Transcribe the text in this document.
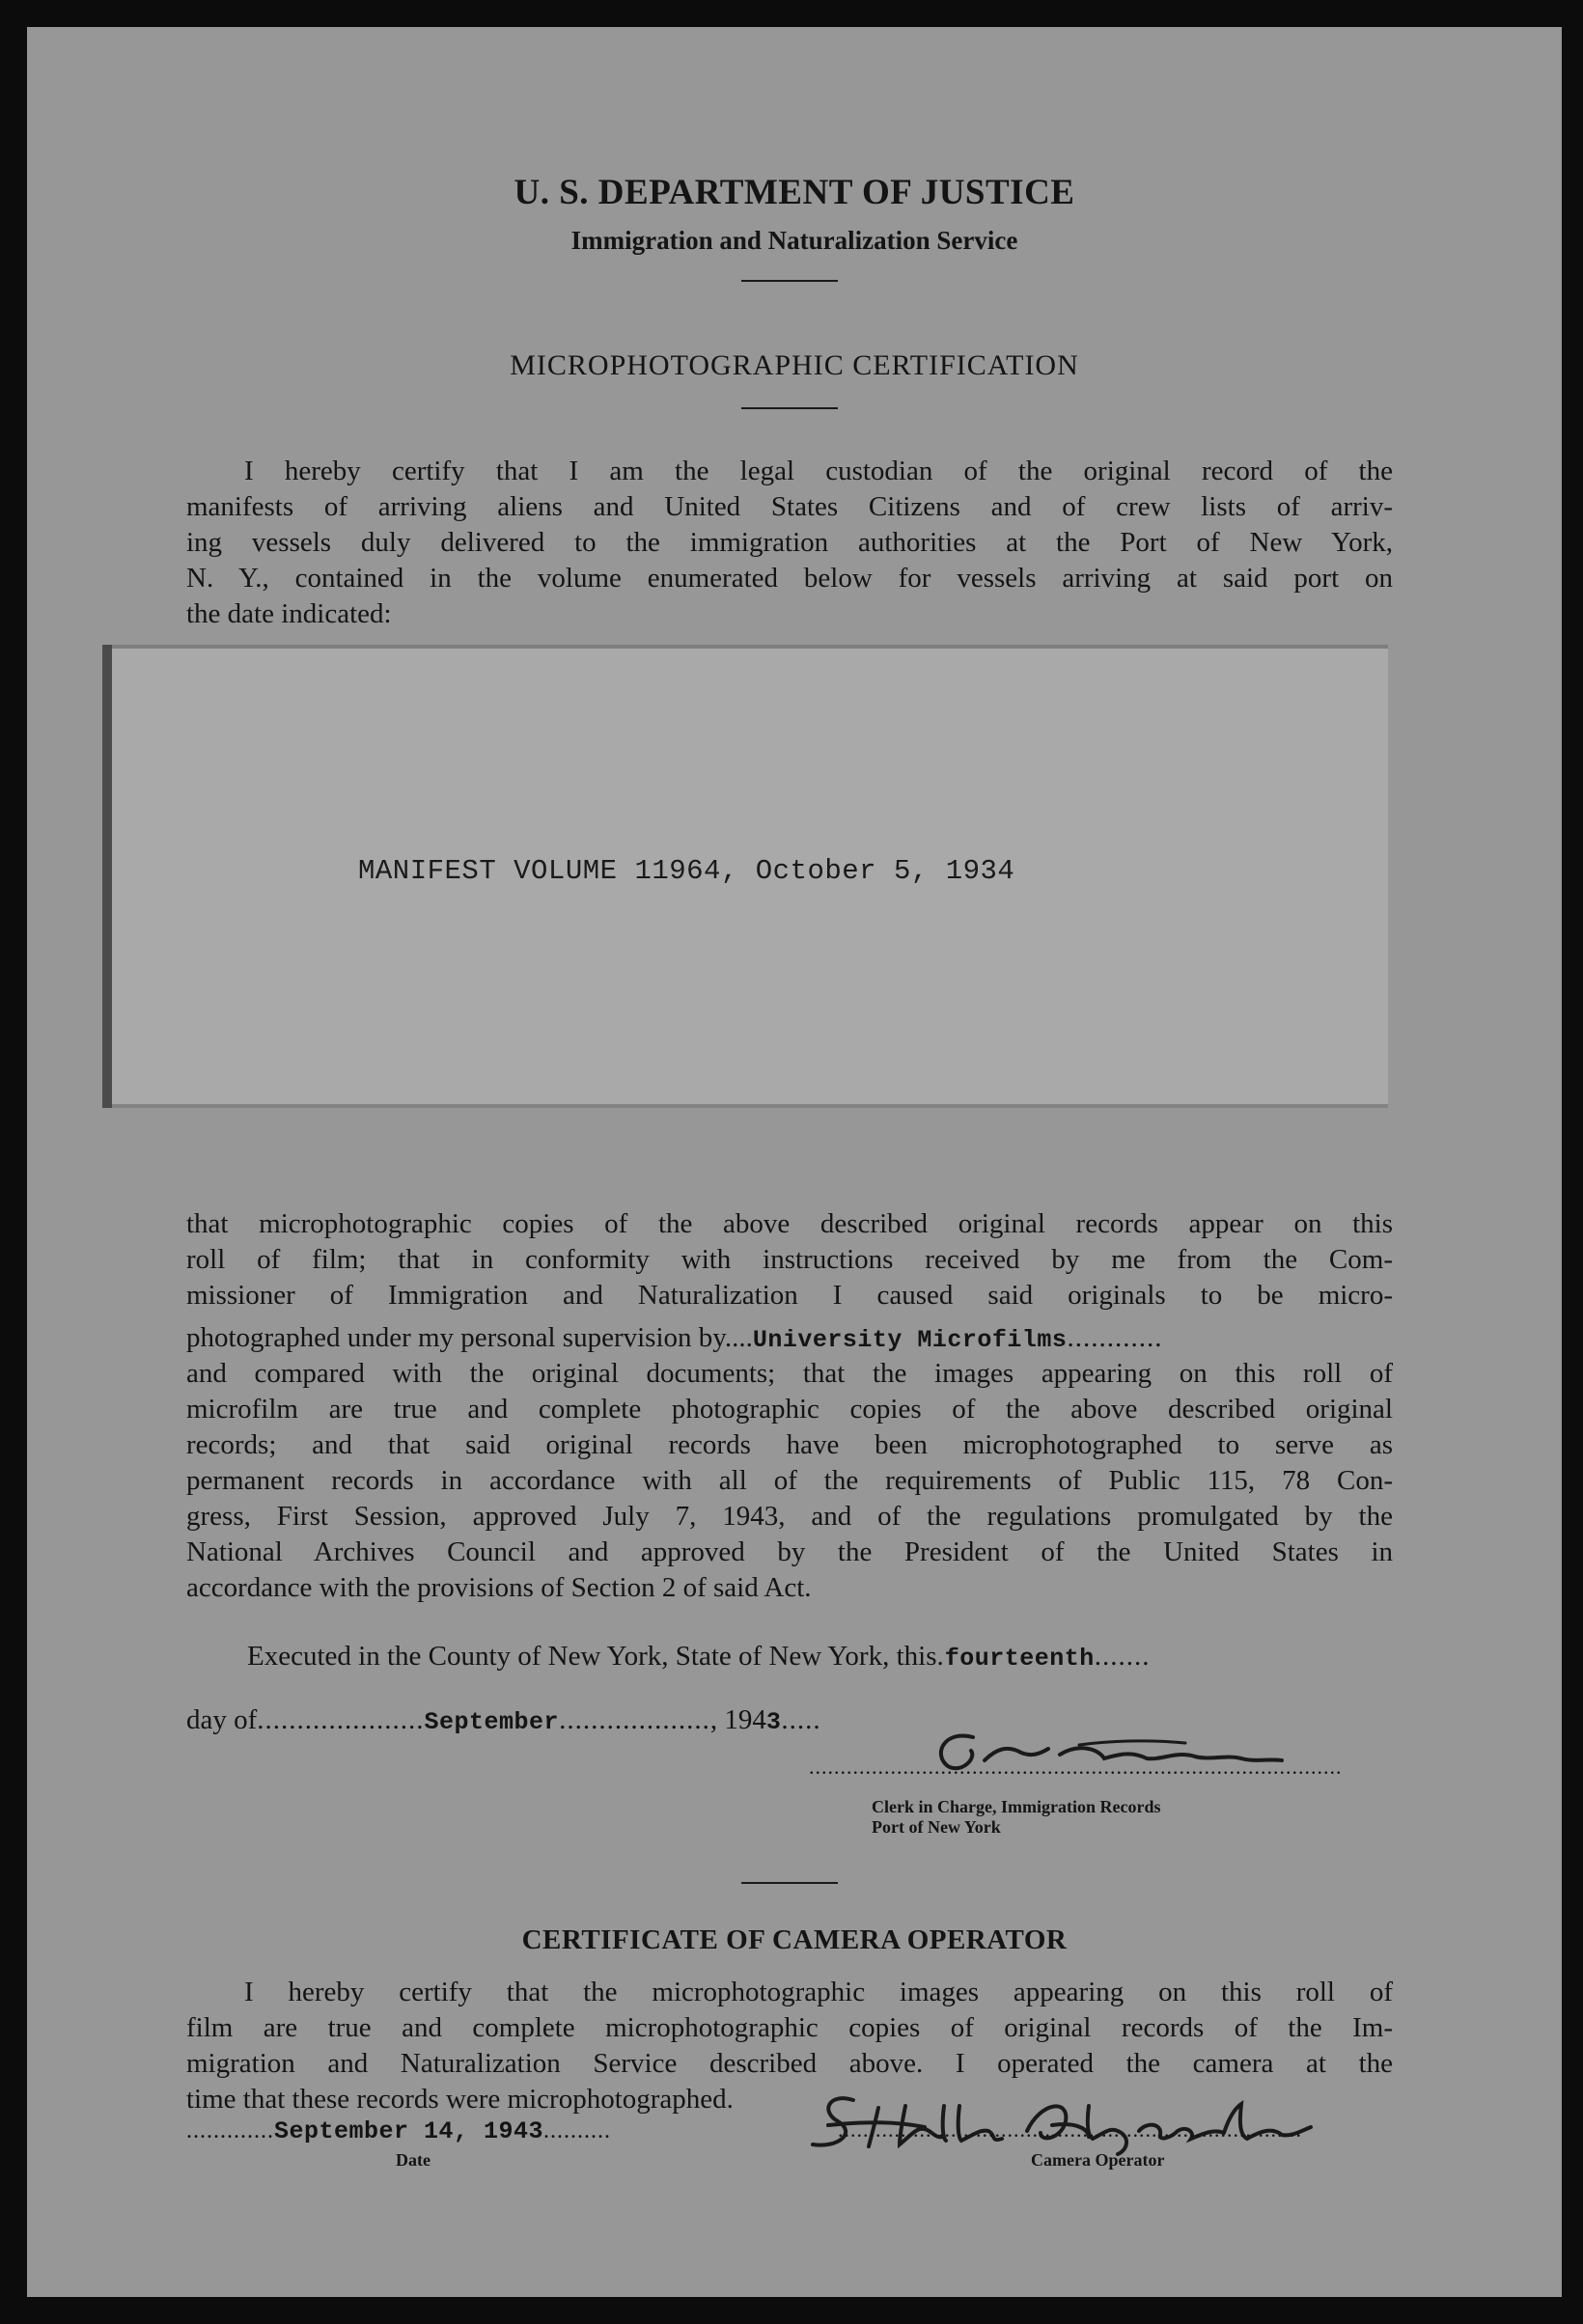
U. S. DEPARTMENT OF JUSTICE
Immigration and Naturalization Service
MICROPHOTOGRAPHIC CERTIFICATION
I hereby certify that I am the legal custodian of the original record of the
manifests of arriving aliens and United States Citizens and of crew lists of arriv-
ing vessels duly delivered to the immigration authorities at the Port of New York,
N. Y., contained in the volume enumerated below for vessels arriving at said port on
the date indicated:
MANIFEST VOLUME 11964, October 5, 1934
that microphotographic copies of the above described original records appear on this
roll of film; that in conformity with instructions received by me from the Com-
missioner of Immigration and Naturalization I caused said originals to be micro-
photographed under my personal supervision by....University Microfilms............
and compared with the original documents; that the images appearing on this roll of
microfilm are true and complete photographic copies of the above described original
records; and that said original records have been microphotographed to serve as
permanent records in accordance with all of the requirements of Public 115, 78 Con-
gress, First Session, approved July 7, 1943, and of the regulations promulgated by the
National Archives Council and approved by the President of the United States in
accordance with the provisions of Section 2 of said Act.
Executed in the County of New York, State of New York, this.fourteenth.......
day of.....................September..................., 1943.....
.....................................................................................
Clerk in Charge, Immigration Records
Port of New York
CERTIFICATE OF CAMERA OPERATOR
I hereby certify that the microphotographic images appearing on this roll of
film are true and complete microphotographic copies of original records of the Im-
migration and Naturalization Service described above. I operated the camera at the
time that these records were microphotographed.
.............September 14, 1943..........
Date
..........................................................................
Camera Operator
